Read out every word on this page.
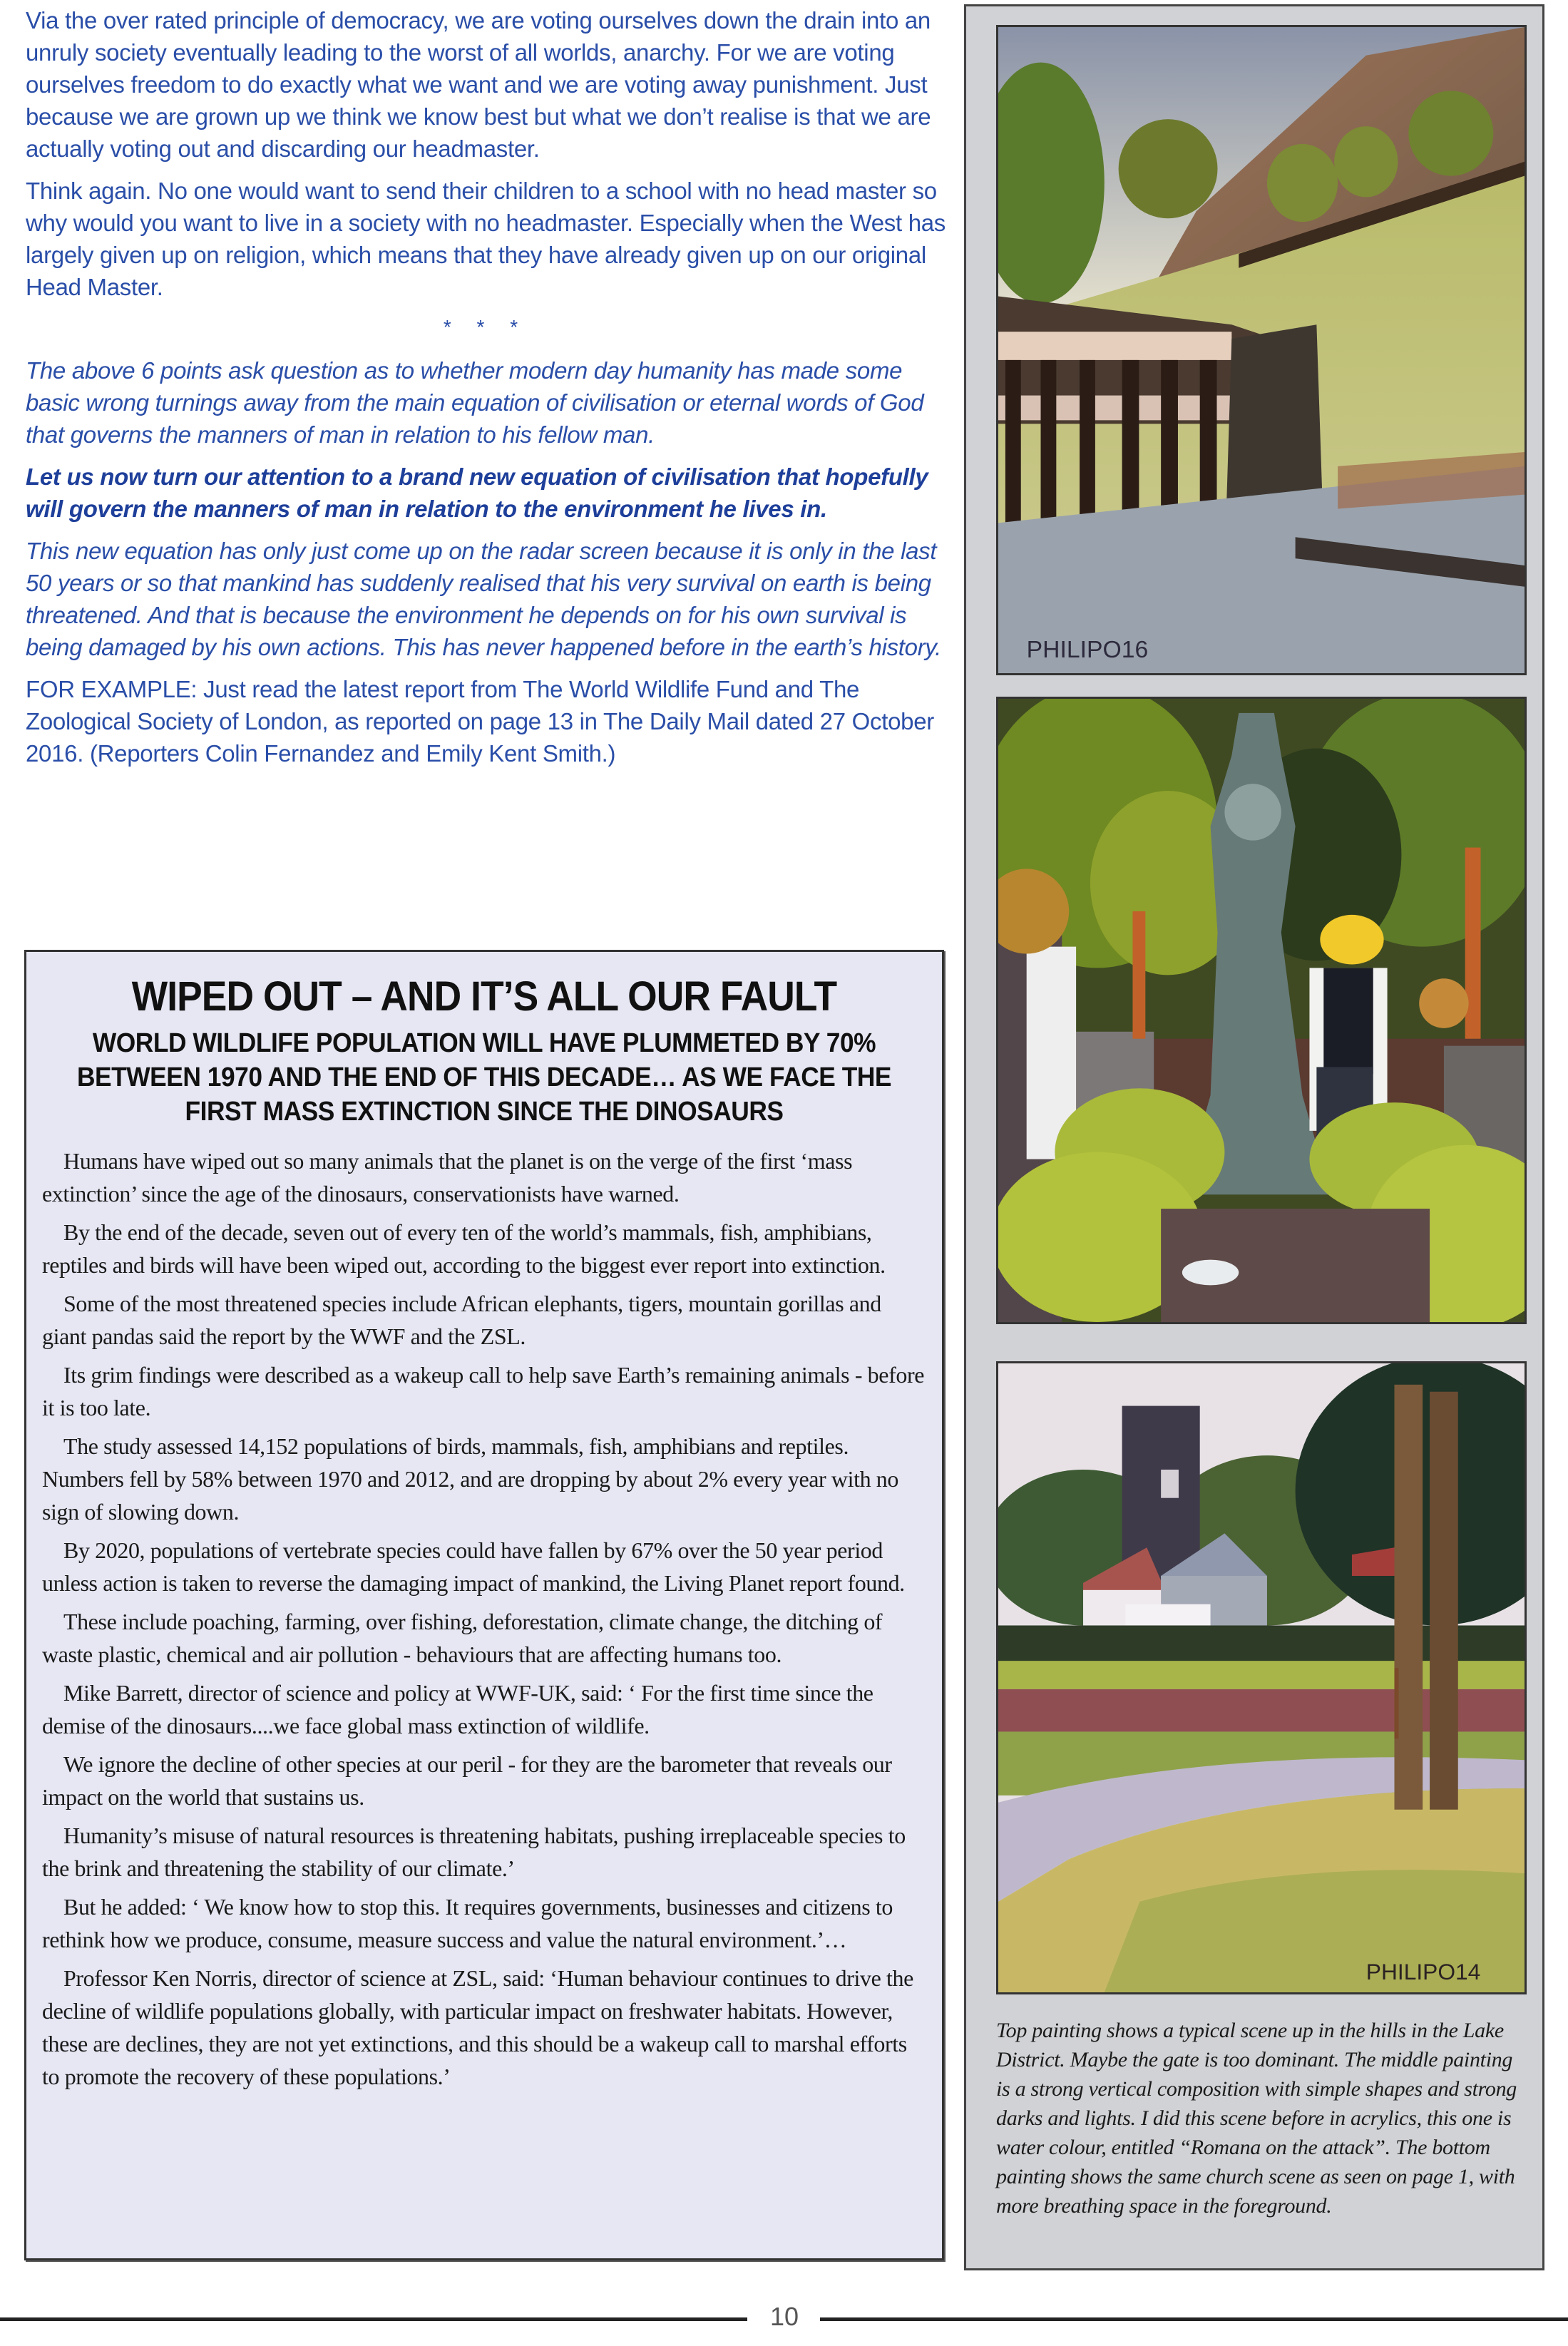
Via the over rated principle of democracy, we are voting ourselves down the drain into an unruly society eventually leading to the worst of all worlds, anarchy. For we are voting ourselves freedom to do exactly what we want and we are voting away punishment. Just because we are grown up we think we know best but what we don’t realise is that we are actually voting out and discarding our headmaster.

Think again. No one would want to send their children to a school with no head master so why would you want to live in a society with no headmaster. Especially when the West has largely given up on religion, which means that they have already given up on our original Head Master.

* * *

The above 6 points ask question as to whether modern day humanity has made some basic wrong turnings away from the main equation of civilisation or eternal words of God that governs the manners of man in relation to his fellow man.

Let us now turn our attention to a brand new equation of civilisation that hopefully will govern the manners of man in relation to the environment he lives in.

This new equation has only just come up on the radar screen because it is only in the last 50 years or so that mankind has suddenly realised that his very survival on earth is being threatened. And that is because the environment he depends on for his own survival is being damaged by his own actions. This has never happened before in the earth’s history.

FOR EXAMPLE: Just read the latest report from The World Wildlife Fund and The Zoological Society of London, as reported on page 13 in The Daily Mail dated 27 October 2016. (Reporters Colin Fernandez and Emily Kent Smith.)

WIPED OUT – AND IT’S ALL OUR FAULT
WORLD WILDLIFE POPULATION WILL HAVE PLUMMETED BY 70% BETWEEN 1970 AND THE END OF THIS DECADE… AS WE FACE THE FIRST MASS EXTINCTION SINCE THE DINOSAURS

Humans have wiped out so many animals that the planet is on the verge of the first ‘mass extinction’ since the age of the dinosaurs, conservationists have warned.

By the end of the decade, seven out of every ten of the world’s mammals, fish, amphibians, reptiles and birds will have been wiped out, according to the biggest ever report into extinction.

Some of the most threatened species include African elephants, tigers, mountain gorillas and giant pandas said the report by the WWF and the ZSL.

Its grim findings were described as a wakeup call to help save Earth’s remaining animals - before it is too late.

The study assessed 14,152 populations of birds, mammals, fish, amphibians and reptiles. Numbers fell by 58% between 1970 and 2012, and are dropping by about 2% every year with no sign of slowing down.

By 2020, populations of vertebrate species could have fallen by 67% over the 50 year period unless action is taken to reverse the damaging impact of mankind, the Living Planet report found.

These include poaching, farming, over fishing, deforestation, climate change, the ditching of waste plastic, chemical and air pollution - behaviours that are affecting humans too.

Mike Barrett, director of science and policy at WWF-UK, said: ‘ For the first time since the demise of the dinosaurs....we face global mass extinction of wildlife.

We ignore the decline of other species at our peril - for they are the barometer that reveals our impact on the world that sustains us.

Humanity’s misuse of natural resources is threatening habitats, pushing irreplaceable species to the brink and threatening the stability of our climate.’

But he added: ‘ We know how to stop this. It requires governments, businesses and citizens to rethink how we produce, consume, measure success and value the natural environment.’…

Professor Ken Norris, director of science at ZSL, said: ‘Human behaviour continues to drive the decline of wildlife populations globally, with particular impact on freshwater habitats. However, these are declines, they are not yet extinctions, and this should be a wakeup call to marshal efforts to promote the recovery of these populations.’

PHILIPO16
PHILIPO14
Top painting shows a typical scene up in the hills in the Lake District. Maybe the gate is too dominant. The middle painting is a strong vertical composition with simple shapes and strong darks and lights. I did this scene before in acrylics, this one is water colour, entitled “Romana on the attack”. The bottom painting shows the same church scene as seen on page 1, with more breathing space in the foreground.
10
